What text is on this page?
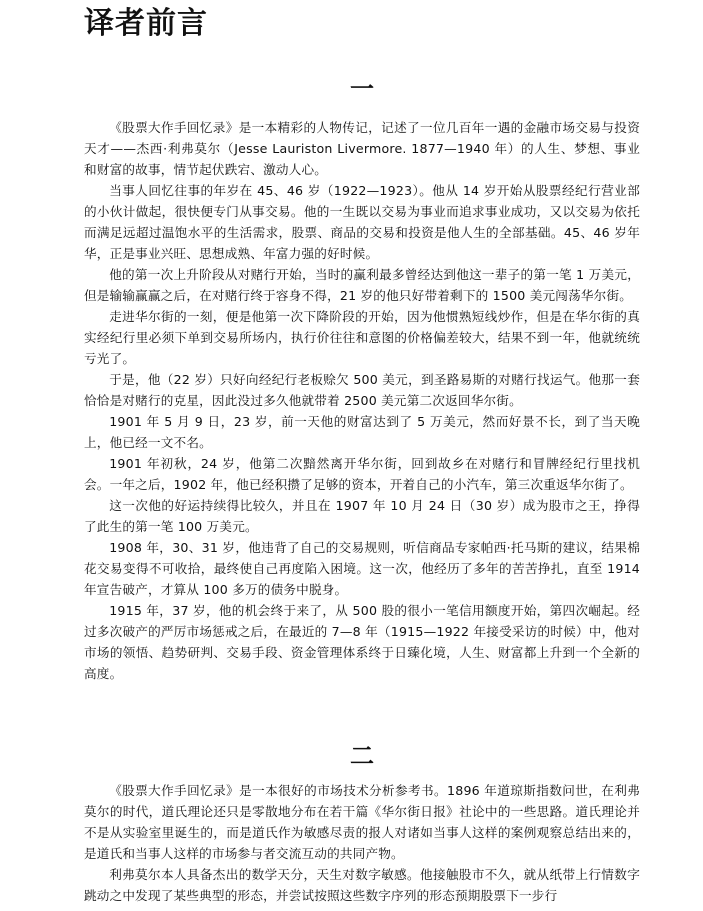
译者前言
一

《股票大作手回忆录》是一本精彩的人物传记，记述了一位几百年一遇的金融市场交易与投资天才——杰西·利弗莫尔（Jesse Lauriston Livermore. 1877—1940 年）的人生、梦想、事业和财富的故事，情节起伏跌宕、激动人心。

当事人回忆往事的年岁在 45、46 岁（1922—1923）。他从 14 岁开始从股票经纪行营业部的小伙计做起，很快便专门从事交易。他的一生既以交易为事业而追求事业成功，又以交易为依托而满足远超过温饱水平的生活需求，股票、商品的交易和投资是他人生的全部基础。45、46 岁年华，正是事业兴旺、思想成熟、年富力强的好时候。

他的第一次上升阶段从对赌行开始，当时的赢利最多曾经达到他这一辈子的第一笔 1 万美元，但是输输赢赢之后，在对赌行终于容身不得，21 岁的他只好带着剩下的 1500 美元闯荡华尔街。

走进华尔街的一刻，便是他第一次下降阶段的开始，因为他惯熟短线炒作，但是在华尔街的真实经纪行里必须下单到交易所场内，执行价往往和意图的价格偏差较大，结果不到一年，他就统统亏光了。

于是，他（22 岁）只好向经纪行老板赊欠 500 美元，到圣路易斯的对赌行找运气。他那一套恰恰是对赌行的克星，因此没过多久他就带着 2500 美元第二次返回华尔街。

1901 年 5 月 9 日，23 岁，前一天他的财富达到了 5 万美元，然而好景不长，到了当天晚上，他已经一文不名。

1901 年初秋，24 岁，他第二次黯然离开华尔街，回到故乡在对赌行和冒牌经纪行里找机会。一年之后，1902 年，他已经积攒了足够的资本，开着自己的小汽车，第三次重返华尔街了。

这一次他的好运持续得比较久，并且在 1907 年 10 月 24 日（30 岁）成为股市之王，挣得了此生的第一笔 100 万美元。

1908 年，30、31 岁，他违背了自己的交易规则，听信商品专家帕西·托马斯的建议，结果棉花交易变得不可收拾，最终使自己再度陷入困境。这一次，他经历了多年的苦苦挣扎，直至 1914 年宣告破产，才算从 100 多万的债务中脱身。

1915 年，37 岁，他的机会终于来了，从 500 股的很小一笔信用额度开始，第四次崛起。经过多次破产的严厉市场惩戒之后，在最近的 7—8 年（1915—1922 年接受采访的时候）中，他对市场的领悟、趋势研判、交易手段、资金管理体系终于日臻化境，人生、财富都上升到一个全新的高度。

二

《股票大作手回忆录》是一本很好的市场技术分析参考书。1896 年道琼斯指数问世，在利弗莫尔的时代，道氏理论还只是零散地分布在若干篇《华尔街日报》社论中的一些思路。道氏理论并不是从实验室里诞生的，而是道氏作为敏感尽责的报人对诸如当事人这样的案例观察总结出来的，是道氏和当事人这样的市场参与者交流互动的共同产物。

利弗莫尔本人具备杰出的数学天分，天生对数字敏感。他接触股市不久，就从纸带上行情数字跳动之中发现了某些典型的形态，并尝试按照这些数字序列的形态预期股票下一步行
